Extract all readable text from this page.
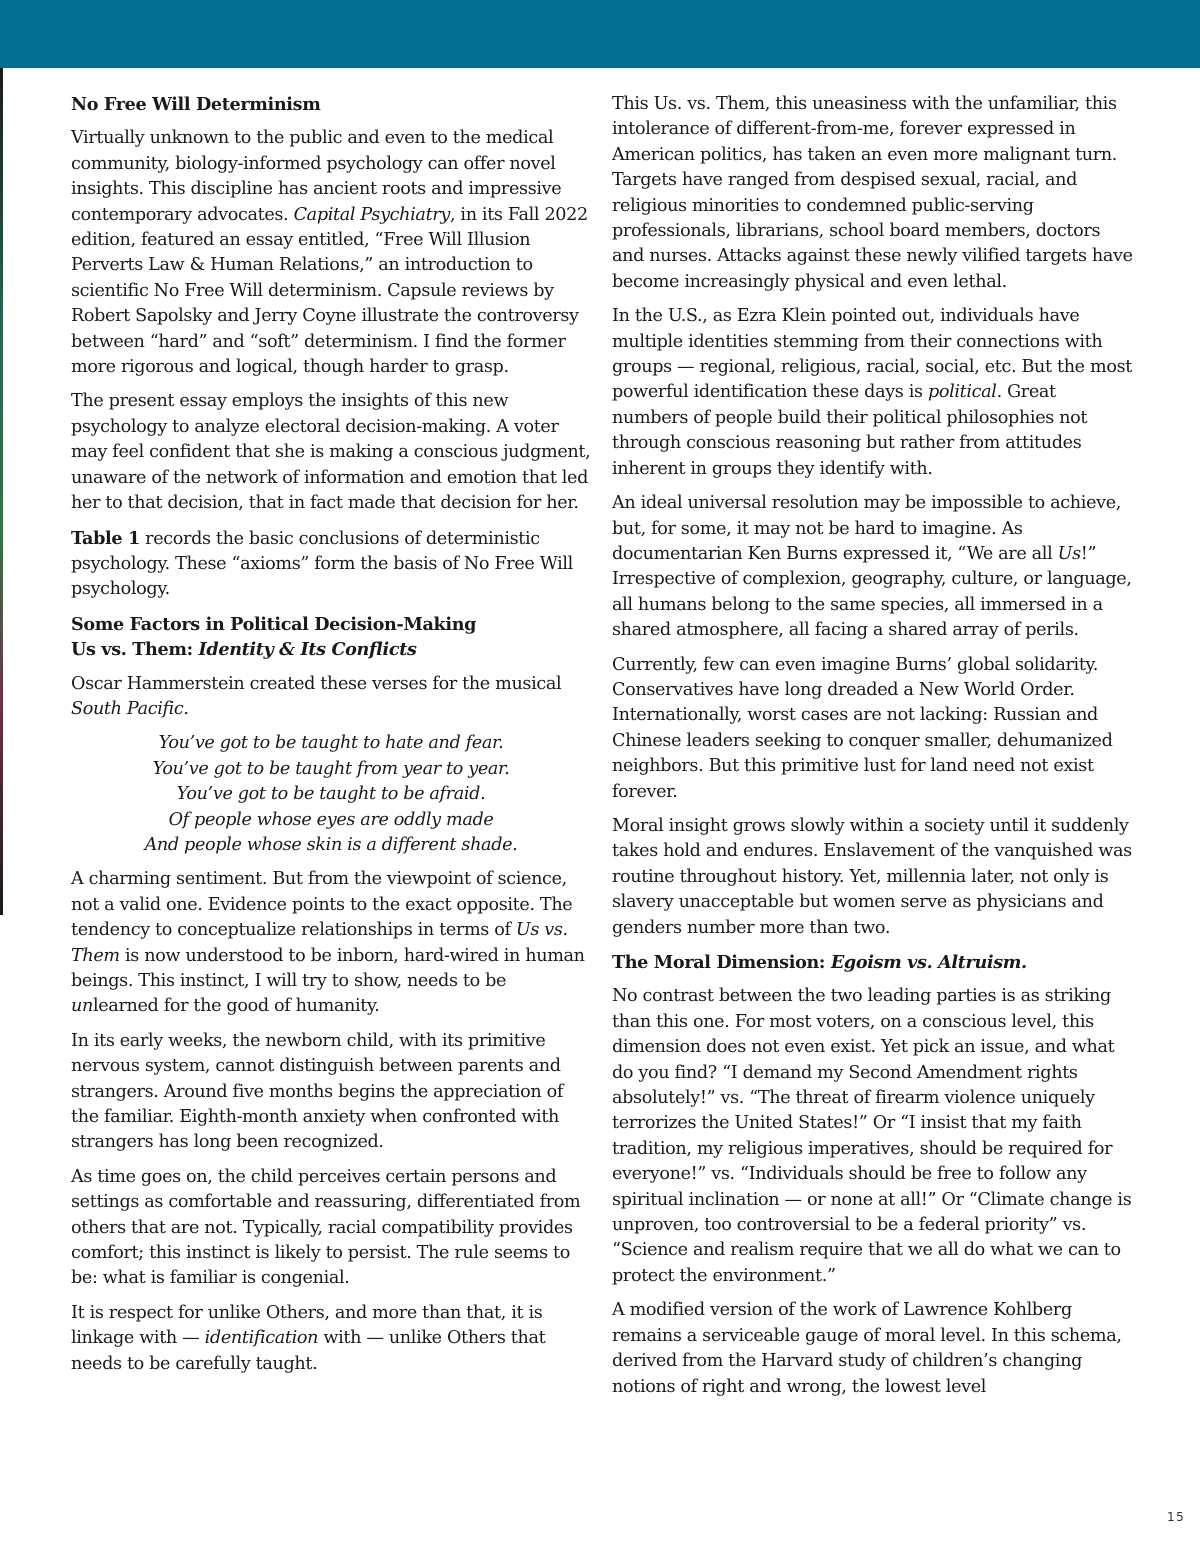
No Free Will Determinism

Virtually unknown to the public and even to the medical community, biology-informed psychology can offer novel insights. This discipline has ancient roots and impressive contemporary advocates. Capital Psychiatry, in its Fall 2022 edition, featured an essay entitled, “Free Will Illusion Perverts Law & Human Relations,” an introduction to scientific No Free Will determinism. Capsule reviews by Robert Sapolsky and Jerry Coyne illustrate the controversy between “hard” and “soft” determinism. I find the former more rigorous and logical, though harder to grasp.

The present essay employs the insights of this new psychology to analyze electoral decision-making. A voter may feel confident that she is making a conscious judgment, unaware of the network of information and emotion that led her to that decision, that in fact made that decision for her.

Table 1 records the basic conclusions of deterministic psychology. These “axioms” form the basis of No Free Will psychology.

Some Factors in Political Decision-Making
Us vs. Them: Identity & Its Conflicts

Oscar Hammerstein created these verses for the musical
South Pacific.

You’ve got to be taught to hate and fear.
You’ve got to be taught from year to year.
You’ve got to be taught to be afraid.
Of people whose eyes are oddly made
And people whose skin is a different shade.

A charming sentiment. But from the viewpoint of science, not a valid one. Evidence points to the exact opposite. The tendency to conceptualize relationships in terms of Us vs. Them is now understood to be inborn, hard-wired in human beings. This instinct, I will try to show, needs to be unlearned for the good of humanity.

In its early weeks, the newborn child, with its primitive nervous system, cannot distinguish between parents and strangers. Around five months begins the appreciation of the familiar. Eighth-month anxiety when confronted with strangers has long been recognized.

As time goes on, the child perceives certain persons and settings as comfortable and reassuring, differentiated from others that are not. Typically, racial compatibility provides comfort; this instinct is likely to persist. The rule seems to be: what is familiar is congenial.

It is respect for unlike Others, and more than that, it is linkage with — identification with — unlike Others that needs to be carefully taught.

This Us. vs. Them, this uneasiness with the unfamiliar, this intolerance of different-from-me, forever expressed in American politics, has taken an even more malignant turn. Targets have ranged from despised sexual, racial, and religious minorities to condemned public-serving professionals, librarians, school board members, doctors and nurses. Attacks against these newly vilified targets have become increasingly physical and even lethal.

In the U.S., as Ezra Klein pointed out, individuals have multiple identities stemming from their connections with groups — regional, religious, racial, social, etc. But the most powerful identification these days is political. Great numbers of people build their political philosophies not through conscious reasoning but rather from attitudes inherent in groups they identify with.

An ideal universal resolution may be impossible to achieve, but, for some, it may not be hard to imagine. As documentarian Ken Burns expressed it, “We are all Us!” Irrespective of complexion, geography, culture, or language, all humans belong to the same species, all immersed in a shared atmosphere, all facing a shared array of perils.

Currently, few can even imagine Burns’ global solidarity. Conservatives have long dreaded a New World Order. Internationally, worst cases are not lacking: Russian and Chinese leaders seeking to conquer smaller, dehumanized neighbors. But this primitive lust for land need not exist forever.

Moral insight grows slowly within a society until it suddenly takes hold and endures. Enslavement of the vanquished was routine throughout history. Yet, millennia later, not only is slavery unacceptable but women serve as physicians and genders number more than two.

The Moral Dimension: Egoism vs. Altruism.

No contrast between the two leading parties is as striking than this one. For most voters, on a conscious level, this dimension does not even exist. Yet pick an issue, and what do you find? “I demand my Second Amendment rights absolutely!” vs. “The threat of firearm violence uniquely terrorizes the United States!” Or “I insist that my faith tradition, my religious imperatives, should be required for everyone!” vs. “Individuals should be free to follow any spiritual inclination — or none at all!” Or “Climate change is unproven, too controversial to be a federal priority” vs. “Science and realism require that we all do what we can to protect the environment.”

A modified version of the work of Lawrence Kohlberg remains a serviceable gauge of moral level. In this schema, derived from the Harvard study of children’s changing notions of right and wrong, the lowest level

15
